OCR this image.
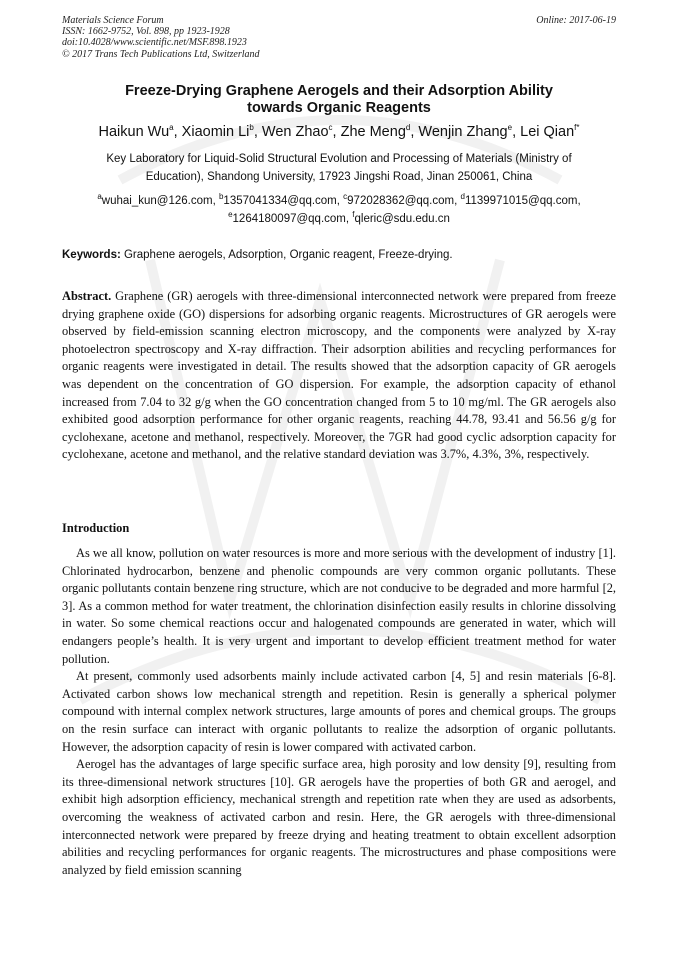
Materials Science Forum
ISSN: 1662-9752, Vol. 898, pp 1923-1928
doi:10.4028/www.scientific.net/MSF.898.1923
© 2017 Trans Tech Publications Ltd, Switzerland
Online: 2017-06-19
Freeze-Drying Graphene Aerogels and their Adsorption Ability
towards Organic Reagents
Haikun Wu$^a$, Xiaomin Li$^b$, Wen Zhao$^c$, Zhe Meng$^d$, Wenjin Zhang$^e$, Lei Qian$^{f*}$
Key Laboratory for Liquid-Solid Structural Evolution and Processing of Materials (Ministry of
Education), Shandong University, 17923 Jingshi Road, Jinan 250061, China
$^a$wuhai_kun@126.com, $^b$1357041334@qq.com, $^c$972028362@qq.com, $^d$1139971015@qq.com,
$^e$1264180097@qq.com, $^f$qleric@sdu.edu.cn
Keywords: Graphene aerogels, Adsorption, Organic reagent, Freeze-drying.
Abstract. Graphene (GR) aerogels with three-dimensional interconnected network were prepared from freeze drying graphene oxide (GO) dispersions for adsorbing organic reagents. Microstructures of GR aerogels were observed by field-emission scanning electron microscopy, and the components were analyzed by X-ray photoelectron spectroscopy and X-ray diffraction. Their adsorption abilities and recycling performances for organic reagents were investigated in detail. The results showed that the adsorption capacity of GR aerogels was dependent on the concentration of GO dispersion. For example, the adsorption capacity of ethanol increased from 7.04 to 32 g/g when the GO concentration changed from 5 to 10 mg/ml. The GR aerogels also exhibited good adsorption performance for other organic reagents, reaching 44.78, 93.41 and 56.56 g/g for cyclohexane, acetone and methanol, respectively. Moreover, the 7GR had good cyclic adsorption capacity for cyclohexane, acetone and methanol, and the relative standard deviation was 3.7%, 4.3%, 3%, respectively.
Introduction

As we all know, pollution on water resources is more and more serious with the development of industry [1]. Chlorinated hydrocarbon, benzene and phenolic compounds are very common organic pollutants. These organic pollutants contain benzene ring structure, which are not conducive to be degraded and more harmful [2, 3]. As a common method for water treatment, the chlorination disinfection easily results in chlorine dissolving in water. So some chemical reactions occur and halogenated compounds are generated in water, which will endangers people’s health. It is very urgent and important to develop efficient treatment method for water pollution.

At present, commonly used adsorbents mainly include activated carbon [4, 5] and resin materials [6-8]. Activated carbon shows low mechanical strength and repetition. Resin is generally a spherical polymer compound with internal complex network structures, large amounts of pores and chemical groups. The groups on the resin surface can interact with organic pollutants to realize the adsorption of organic pollutants. However, the adsorption capacity of resin is lower compared with activated carbon.

Aerogel has the advantages of large specific surface area, high porosity and low density [9], resulting from its three-dimensional network structures [10]. GR aerogels have the properties of both GR and aerogel, and exhibit high adsorption efficiency, mechanical strength and repetition rate when they are used as adsorbents, overcoming the weakness of activated carbon and resin. Here, the GR aerogels with three-dimensional interconnected network were prepared by freeze drying and heating treatment to obtain excellent adsorption abilities and recycling performances for organic reagents. The microstructures and phase compositions were analyzed by field emission scanning
